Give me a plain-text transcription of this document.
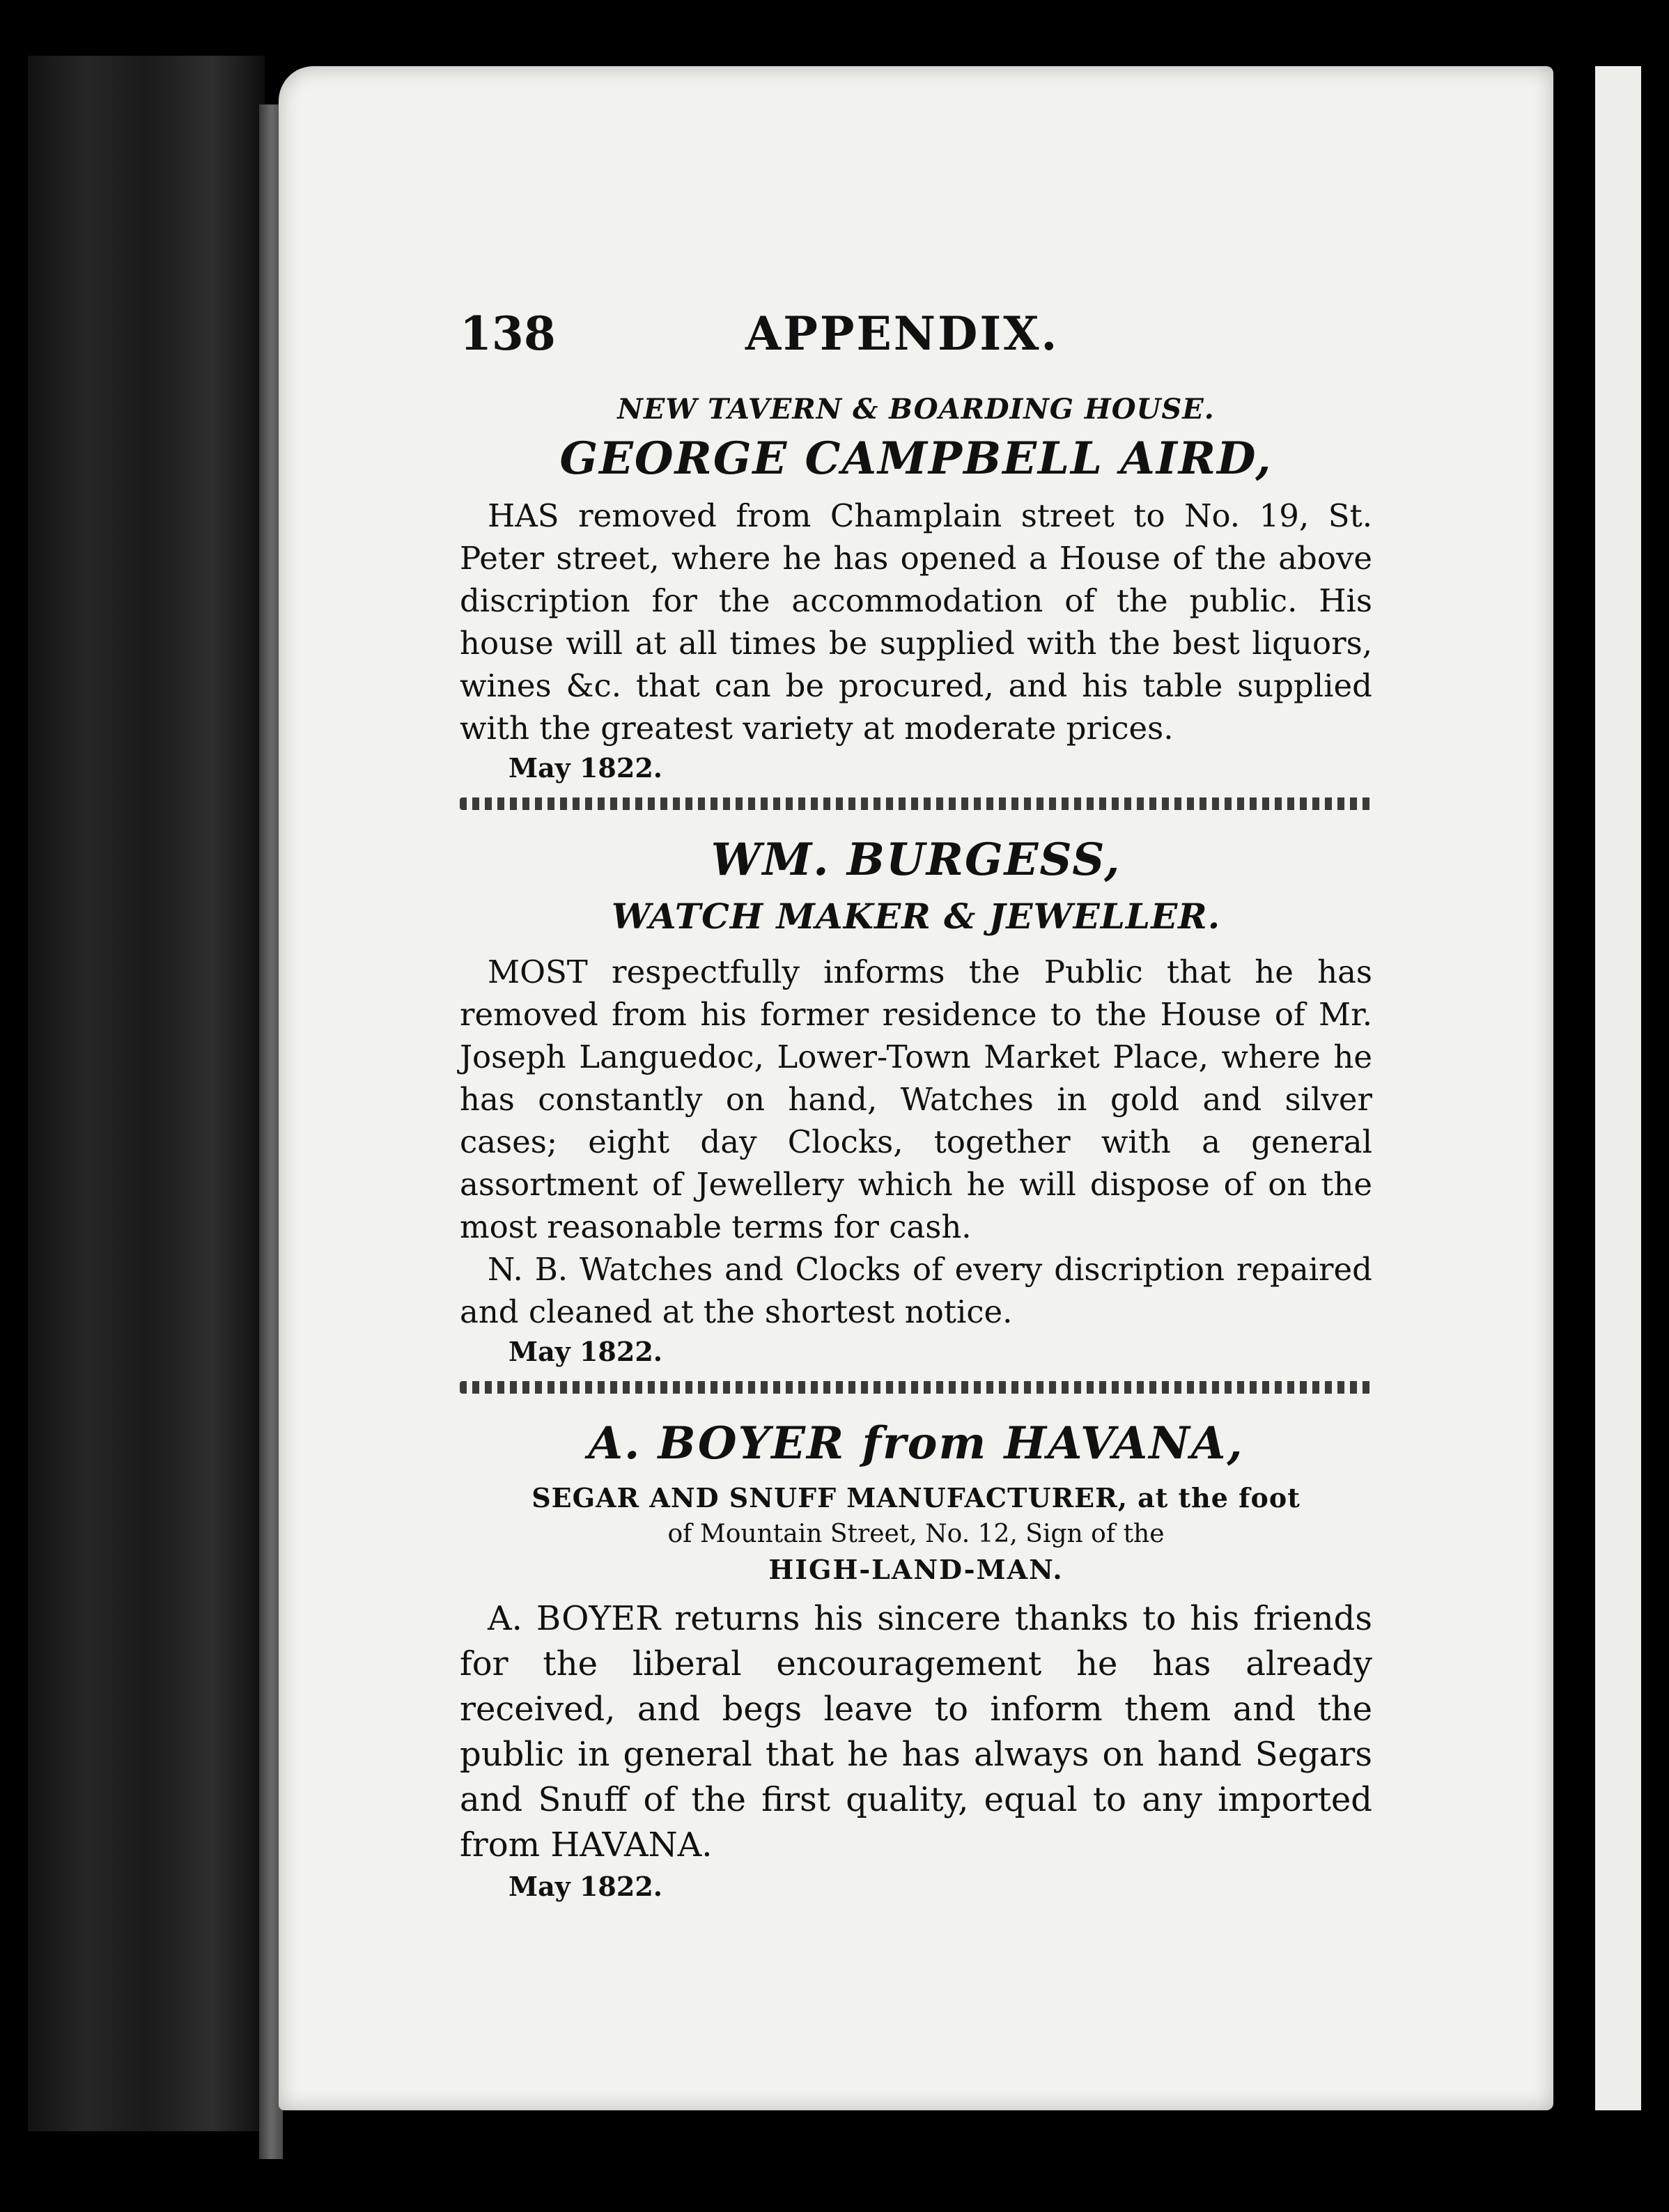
138	APPENDIX.

NEW TAVERN & BOARDING HOUSE.

GEORGE CAMPBELL AIRD,

HAS removed from Champlain street to No. 19, St. Peter street, where he has opened a House of the above discription for the accommodation of the public. His house will at all times be supplied with the best liquors, wines &c. that can be procured, and his table supplied with the greatest variety at moderate prices.

May 1822.

WM. BURGESS,

WATCH MAKER & JEWELLER.

MOST respectfully informs the Public that he has removed from his former residence to the House of Mr. Joseph Languedoc, Lower-Town Market Place, where he has constantly on hand, Watches in gold and silver cases; eight day Clocks, together with a general assortment of Jewellery which he will dispose of on the most reasonable terms for cash.

N. B. Watches and Clocks of every discription repaired and cleaned at the shortest notice.

May 1822.

A. BOYER from HAVANA,

SEGAR AND SNUFF MANUFACTURER, at the foot

of Mountain Street, No. 12, Sign of the

HIGH-LAND-MAN.

A. BOYER returns his sincere thanks to his friends for the liberal encouragement he has already received, and begs leave to inform them and the public in general that he has always on hand Segars and Snuff of the first quality, equal to any imported from HAVANA.

May 1822.
